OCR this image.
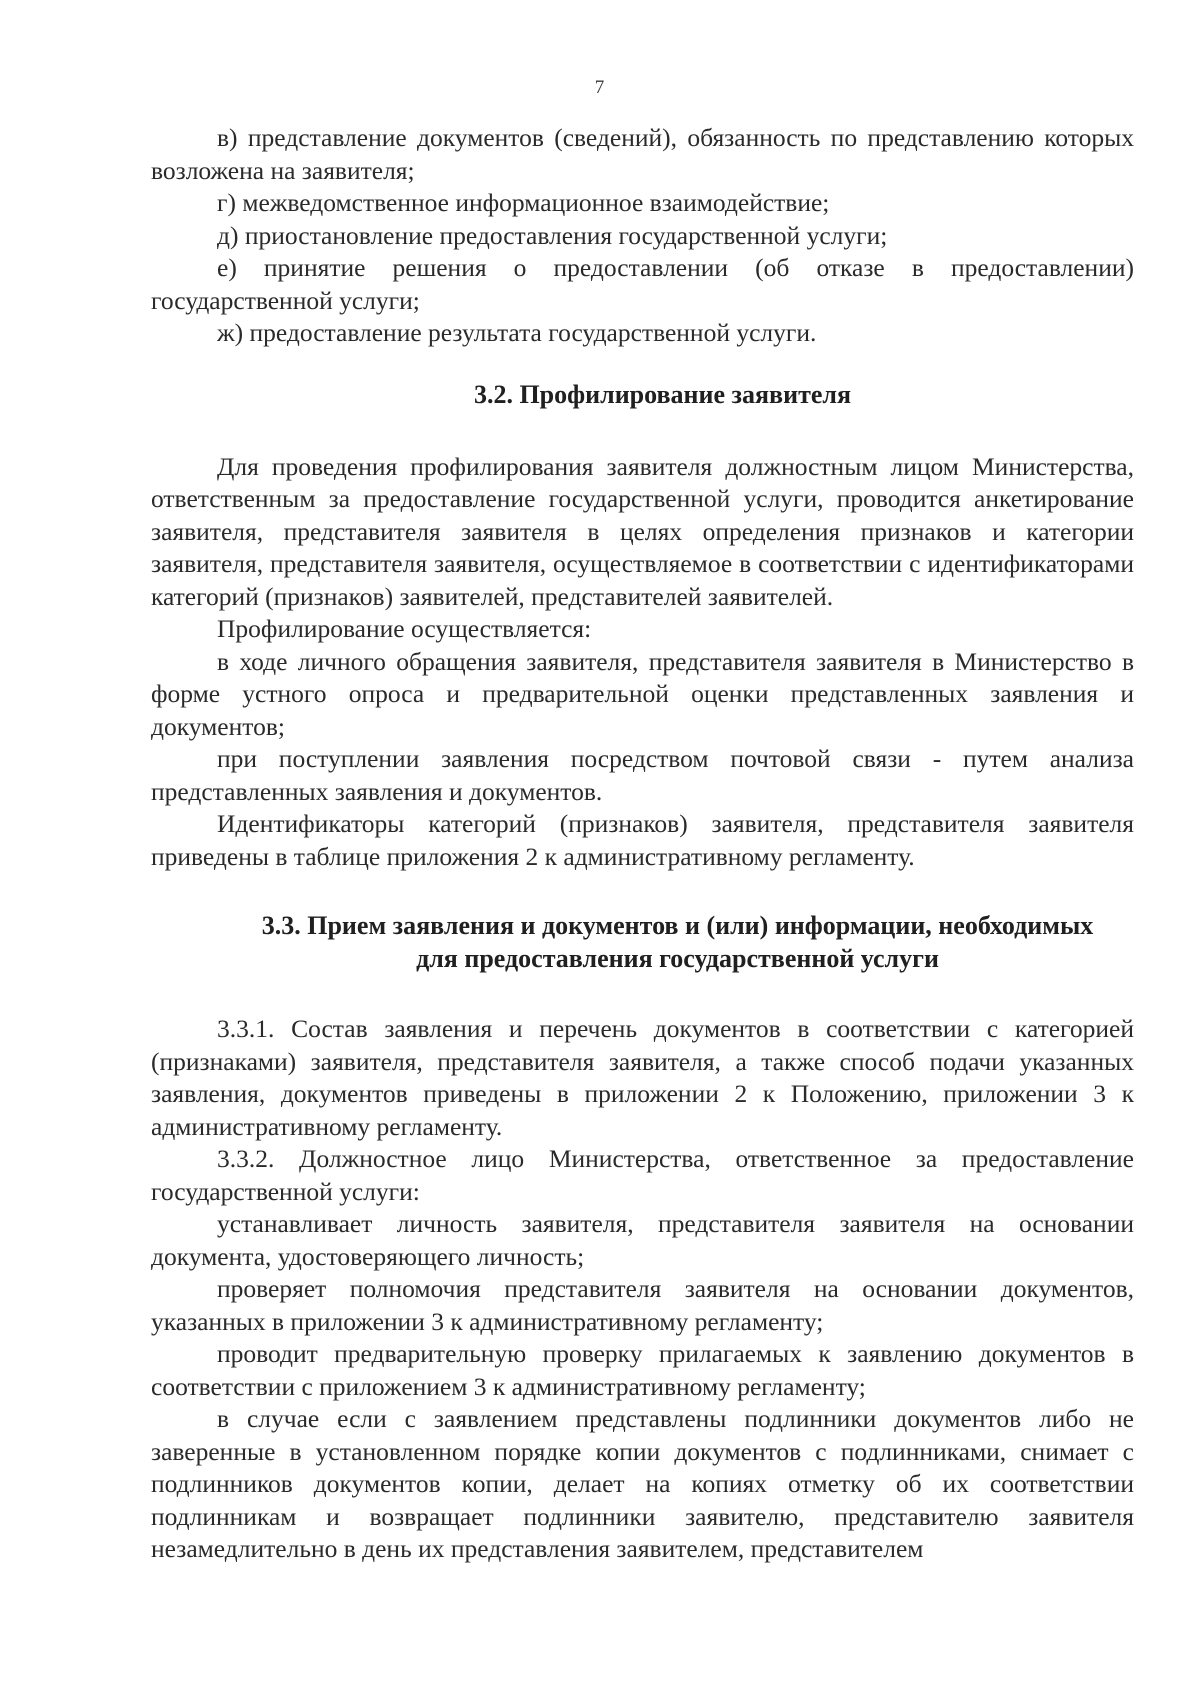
7

в) представление документов (сведений), обязанность по представлению которых возложена на заявителя;

г) межведомственное информационное взаимодействие;

д) приостановление предоставления государственной услуги;

е) принятие решения о предоставлении (об отказе в предоставлении) государственной услуги;

ж) предоставление результата государственной услуги.

3.2. Профилирование заявителя

Для проведения профилирования заявителя должностным лицом Министерства, ответственным за предоставление государственной услуги, проводится анкетирование заявителя, представителя заявителя в целях определения признаков и категории заявителя, представителя заявителя, осуществляемое в соответствии с идентификаторами категорий (признаков) заявителей, представителей заявителей.

Профилирование осуществляется:

в ходе личного обращения заявителя, представителя заявителя в Министерство в форме устного опроса и предварительной оценки представленных заявления и документов;

при поступлении заявления посредством почтовой связи - путем анализа представленных заявления и документов.

Идентификаторы категорий (признаков) заявителя, представителя заявителя приведены в таблице приложения 2 к административному регламенту.

3.3. Прием заявления и документов и (или) информации, необходимых
для предоставления государственной услуги

3.3.1. Состав заявления и перечень документов в соответствии с категорией (признаками) заявителя, представителя заявителя, а также способ подачи указанных заявления, документов приведены в приложении 2 к Положению, приложении 3 к административному регламенту.

3.3.2. Должностное лицо Министерства, ответственное за предоставление государственной услуги:

устанавливает личность заявителя, представителя заявителя на основании документа, удостоверяющего личность;

проверяет полномочия представителя заявителя на основании документов, указанных в приложении 3 к административному регламенту;

проводит предварительную проверку прилагаемых к заявлению документов в соответствии с приложением 3 к административному регламенту;

в случае если с заявлением представлены подлинники документов либо не заверенные в установленном порядке копии документов с подлинниками, снимает с подлинников документов копии, делает на копиях отметку об их соответствии подлинникам и возвращает подлинники заявителю, представителю заявителя незамедлительно в день их представления заявителем, представителем
